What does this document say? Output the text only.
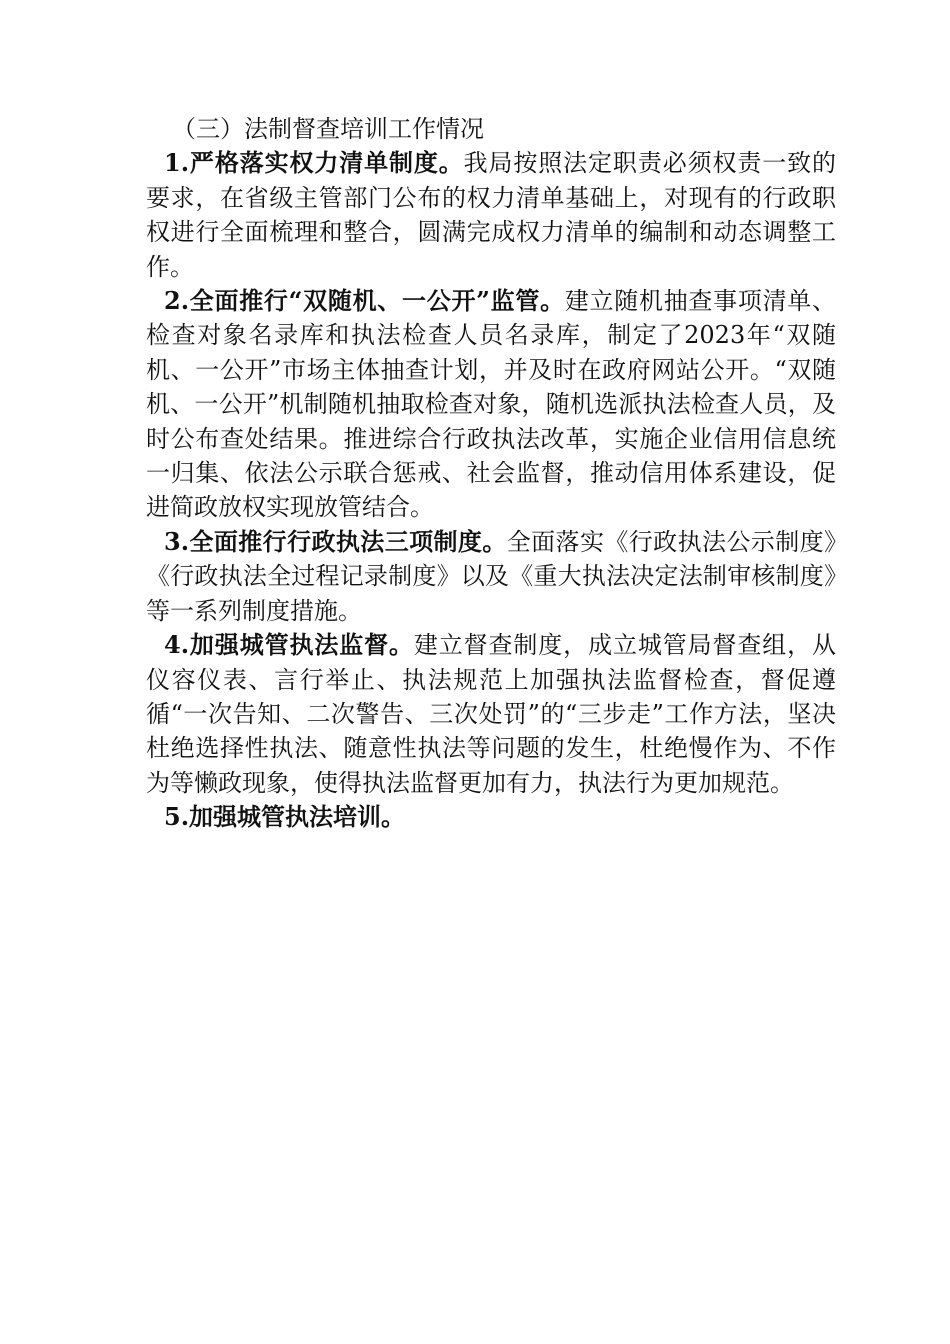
（三）法制督查培训工作情况

1.严格落实权力清单制度。我局按照法定职责必须权责一致的要求，在省级主管部门公布的权力清单基础上，对现有的行政职权进行全面梳理和整合，圆满完成权力清单的编制和动态调整工作。

2.全面推行“双随机、一公开”监管。建立随机抽查事项清单、检查对象名录库和执法检查人员名录库，制定了2023年“双随机、一公开”市场主体抽查计划，并及时在政府网站公开。“双随机、一公开”机制随机抽取检查对象，随机选派执法检查人员，及时公布查处结果。推进综合行政执法改革，实施企业信用信息统一归集、依法公示联合惩戒、社会监督，推动信用体系建设，促进简政放权实现放管结合。

3.全面推行行政执法三项制度。全面落实《行政执法公示制度》《行政执法全过程记录制度》以及《重大执法决定法制审核制度》等一系列制度措施。

4.加强城管执法监督。建立督查制度，成立城管局督查组，从仪容仪表、言行举止、执法规范上加强执法监督检查，督促遵循“一次告知、二次警告、三次处罚”的“三步走”工作方法，坚决杜绝选择性执法、随意性执法等问题的发生，杜绝慢作为、不作为等懒政现象，使得执法监督更加有力，执法行为更加规范。

5.加强城管执法培训。
